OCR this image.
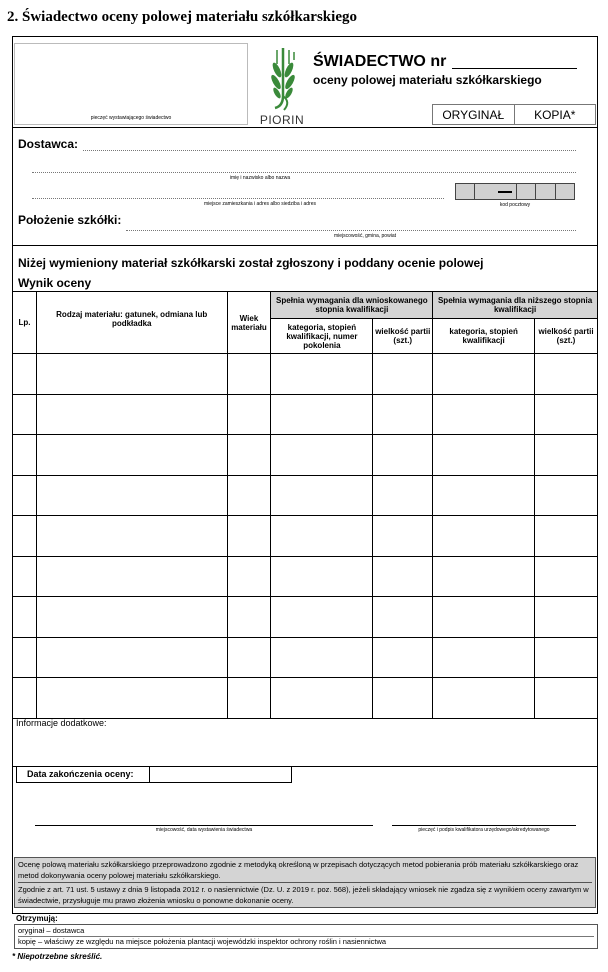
2. Świadectwo oceny polowej materiału szkółkarskiego
pieczęć wystawiającego świadectwo	PIORIN
ŚWIADECTWO nr
oceny polowej materiału szkółkarskiego
ORYGINAŁ	KOPIA*
Dostawca:
imię i nazwisko albo nazwa
miejsce zamieszkania i adres albo siedziba i adres	kod pocztowy
Położenie szkółki:
miejscowość, gmina, powiat
Niżej wymieniony materiał szkółkarski został zgłoszony i poddany ocenie polowej
Wynik oceny
Lp.	Rodzaj materiału: gatunek, odmiana lub podkładka	Wiek materiału	Spełnia wymagania dla wnioskowanego stopnia kwalifikacji		Spełnia wymagania dla niższego stopnia kwalifikacji	
			kategoria, stopień kwalifikacji, numer pokolenia	wielkość partii (szt.)	kategoria, stopień kwalifikacji	wielkość partii (szt.)

Informacje dodatkowe:
Data zakończenia oceny:
miejscowość, data wystawienia świadectwa	pieczęć i podpis kwalifikatora urzędowego/akredytowanego
Ocenę polową materiału szkółkarskiego przeprowadzono zgodnie z metodyką określoną w przepisach dotyczących metod pobierania prób materiału szkółkarskiego oraz metod dokonywania oceny polowej materiału szkółkarskiego.
Zgodnie z art. 71 ust. 5 ustawy z dnia 9 listopada 2012 r. o nasiennictwie (Dz. U. z 2019 r. poz. 568), jeżeli składający wniosek nie zgadza się z wynikiem oceny zawartym w świadectwie, przysługuje mu prawo złożenia wniosku o ponowne dokonanie oceny.
Otrzymują:
oryginał – dostawca
kopię – właściwy ze względu na miejsce położenia plantacji wojewódzki inspektor ochrony roślin i nasiennictwa
* Niepotrzebne skreślić.
